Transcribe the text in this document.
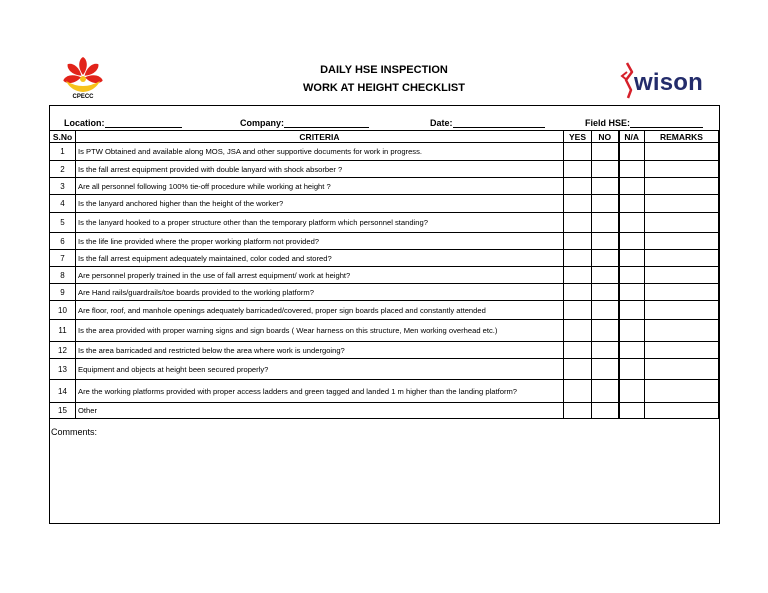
CPECC
wison
DAILY HSE INSPECTION
WORK AT HEIGHT CHECKLIST
Location:	Company:	Date:	Field HSE:
S.No	CRITERIA	YES	NO	N/A	REMARKS
1	Is PTW Obtained and available along MOS, JSA and other supportive documents for work in progress.				
2	Is the fall arrest equipment provided with double lanyard with shock absorber ?				
3	Are all personnel following 100% tie-off procedure while working at height ?				
4	Is the lanyard anchored higher than the height of the worker?				
5	Is the lanyard hooked to a proper structure other than the temporary platform which personnel standing?				
6	Is the life line provided where the proper working platform not provided?				
7	Is the fall arrest equipment adequately maintained, color coded and stored?				
8	Are personnel properly trained in the use of fall arrest equipment/ work at height?				
9	Are Hand rails/guardrails/toe boards provided to the working platform?				
10	Are floor, roof, and manhole openings adequately barricaded/covered, proper sign boards placed and constantly attended				
11	Is the area provided with proper warning signs and sign boards ( Wear harness on this structure, Men working overhead etc.)				
12	Is the area barricaded and restricted below the area where work is undergoing?				
13	Equipment and objects at height been secured properly?				
14	Are the working platforms provided with proper access ladders and green tagged and landed 1 m higher than the landing platform?				
15	Other				
Comments:
